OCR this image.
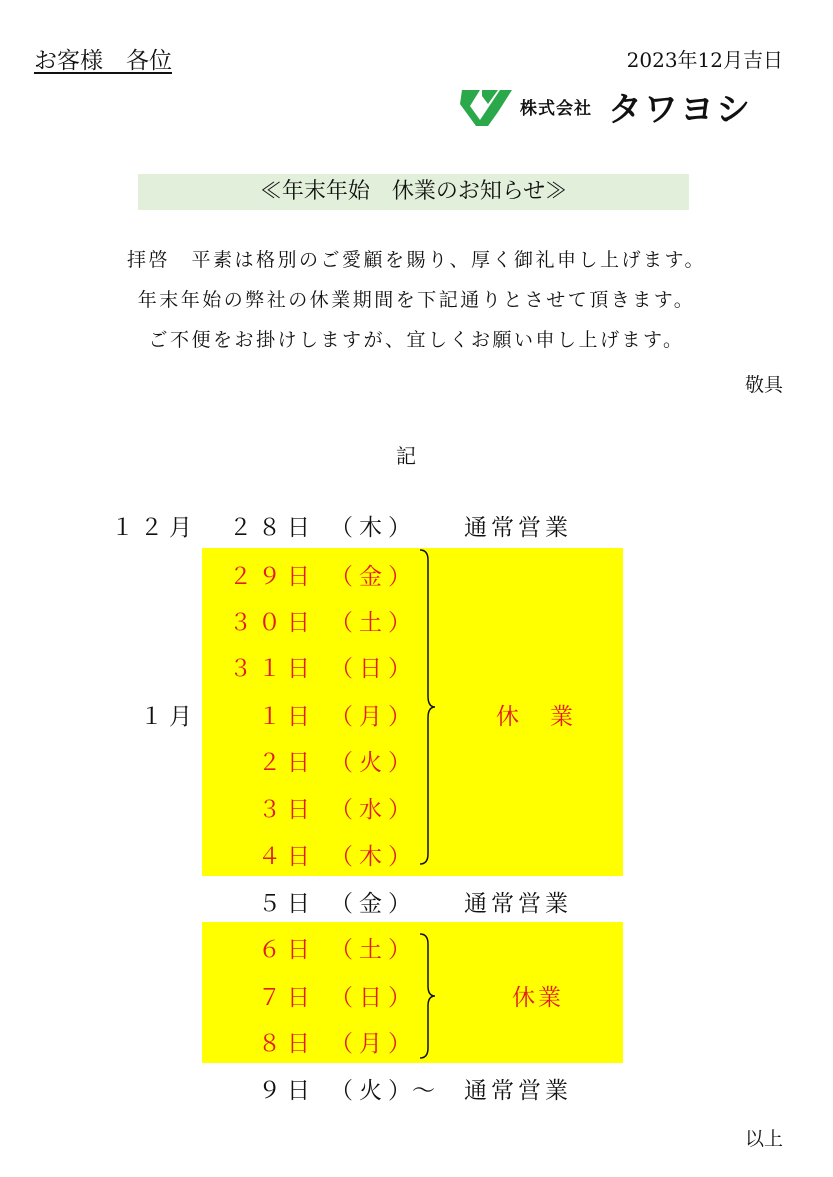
お客様　各位	2023年12月吉日
株式会社 タワヨシ
≪年末年始　休業のお知らせ≫
拝啓　平素は格別のご愛顧を賜り、厚く御礼申し上げます。
年末年始の弊社の休業期間を下記通りとさせて頂きます。
ご不便をお掛けしますが、宜しくお願い申し上げます。
敬具
記
１２月
１月
２８日 （木） 通常営業
２９日 （金）
３０日 （土）
３１日 （日）
１日 （月）
２日 （火）
３日 （水）
４日 （木）
５日 （金） 通常営業
６日 （土）
７日 （日）
８日 （月）
９日 （火）
～ 通常営業
休　業
休業
以上
